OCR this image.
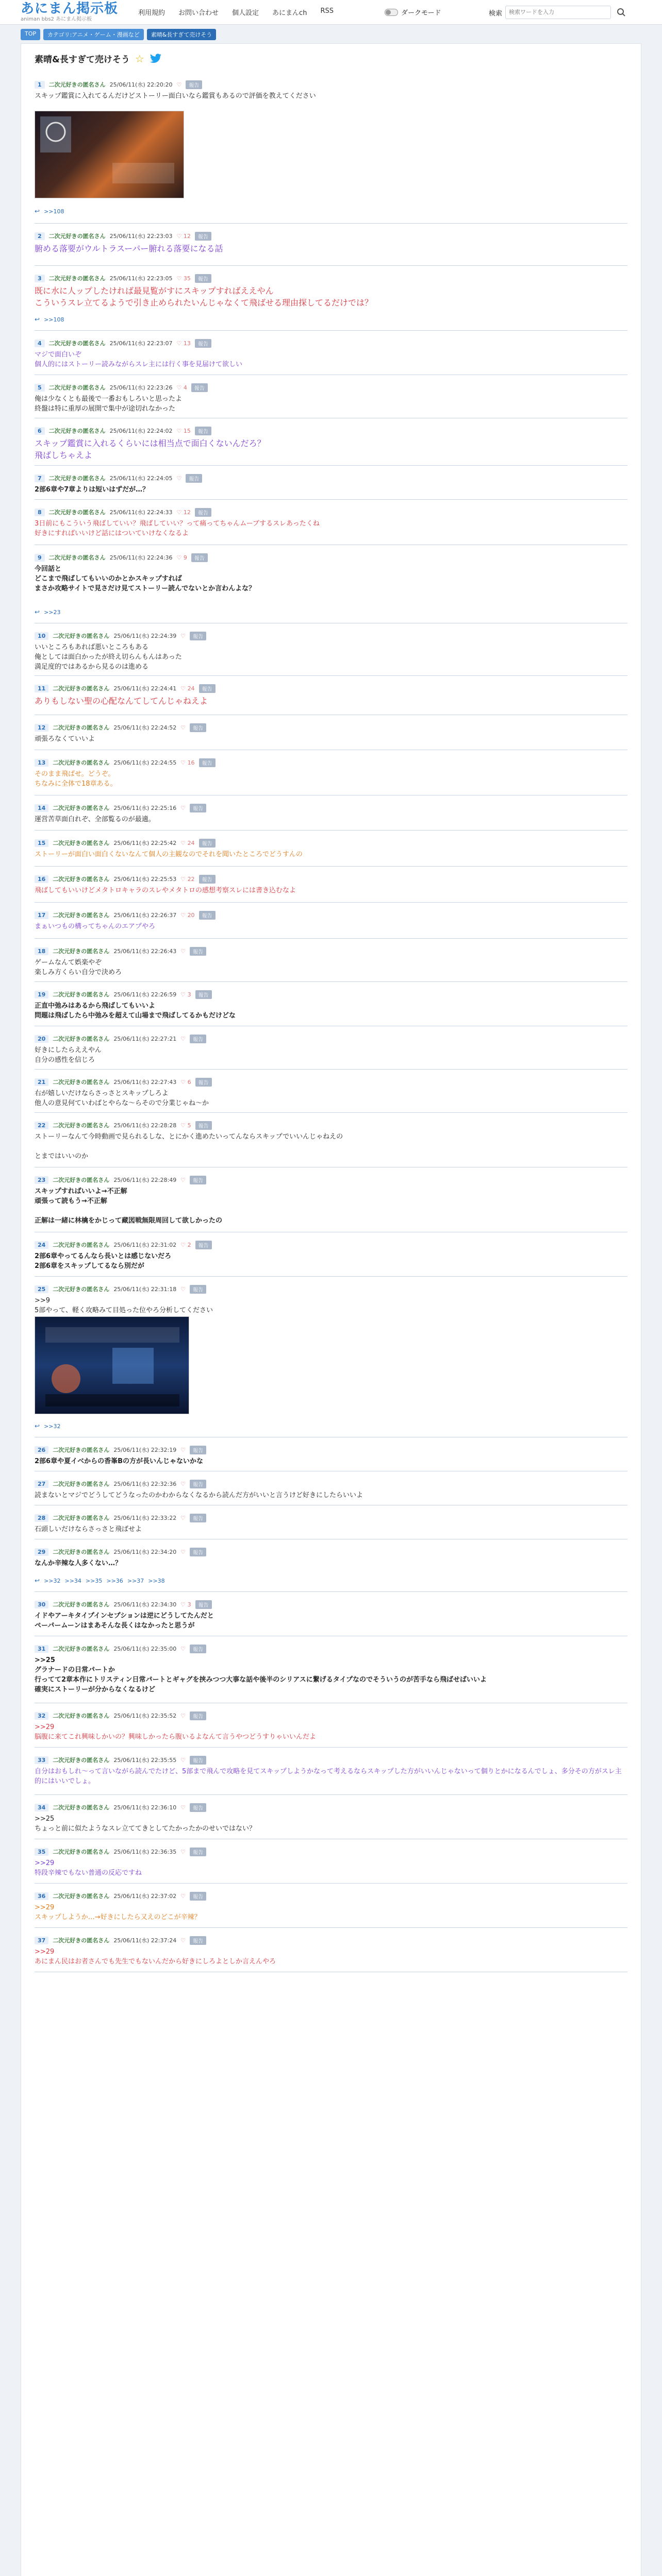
あにまん掲示板
animan bbs2 あにまん掲示板
利用規約 お問い合わせ 個人設定 あにまんch RSS	ダークモード	検索
検索ワードを入力
TOP	カテゴリ:アニメ・ゲーム・漫画など	素晴&長すぎて売けそう
素晴&長すぎて売けそう ☆
1	二次元好きの匿名さん 25/06/11(水) 22:20:20 ♡	報告
スキップ鑑賞に入れてるんだけどストーリー面白いなら鑑賞もあるので評価を教えてください
↩ >>108
2	二次元好きの匿名さん 25/06/11(水) 22:23:03 ♡ 12	報告
腑める落要がウルトラスーパー腑れる落要になる話
3	二次元好きの匿名さん 25/06/11(水) 22:23:05 ♡ 35	報告
既に水に人ップしたければ最見覧がすにスキップすればええやん
こういうスレ立てるようで引き止められたいんじゃなくて飛ばせる理由探してるだけでは？
↩ >>108
4	二次元好きの匿名さん 25/06/11(水) 22:23:07 ♡ 13	報告
マジで面白いぞ
個人的にはストーリー読みながらスレ主には行く事を見届けて欲しい
5	二次元好きの匿名さん 25/06/11(水) 22:23:26 ♡ 4	報告
俺は少なくとも最後で一番おもしろいと思ったよ
終盤は特に重厚の展開で集中が途切れなかった
6	二次元好きの匿名さん 25/06/11(水) 22:24:02 ♡ 15	報告
スキップ鑑賞に入れるくらいには相当点で面白くないんだろ？
飛ばしちゃえよ
7	二次元好きの匿名さん 25/06/11(水) 22:24:05 ♡	報告
2部6章や7章よりは短いはずだが…？
8	二次元好きの匿名さん 25/06/11(水) 22:24:33 ♡ 12	報告
3日前にもこういう飛ばしていい？飛ばしていい？って痛ってちゃんムーブするスレあったくね
好きにすればいいけど話にはついていけなくなるよ
9	二次元好きの匿名さん 25/06/11(水) 22:24:36 ♡ 9	報告
今回話と
どこまで飛ばしてもいいのかとかスキップすれば
まさか攻略サイトで見さだけ見てストーリー読んでないとか言わんよな？
↩ >>23
10	二次元好きの匿名さん 25/06/11(水) 22:24:39 ♡	報告
いいところもあれば悪いところもある
俺としては面白かったが終え切らんもんはあった
満足度的ではあるから見るのは進める
11	二次元好きの匿名さん 25/06/11(水) 22:24:41 ♡ 24	報告
ありもしない聖の心配なんてしてんじゃねえよ
12	二次元好きの匿名さん 25/06/11(水) 22:24:52 ♡	報告
頑張ろなくていいよ
13	二次元好きの匿名さん 25/06/11(水) 22:24:55 ♡ 16	報告
そのまま飛ばせ。どうぞ。
ちなみに全体で18章ある。
14	二次元好きの匿名さん 25/06/11(水) 22:25:16 ♡	報告
運営苦草面白れぞ、全部覧るのが最適。
15	二次元好きの匿名さん 25/06/11(水) 22:25:42 ♡ 24	報告
ストーリーが面白い面白くないなんて個人の主観なのでそれを聞いたところでどうすんの
16	二次元好きの匿名さん 25/06/11(水) 22:25:53 ♡ 22	報告
飛ばしてもいいけどメタトロキャラのスレやメタトロの感想考察スレには書き込むなよ
17	二次元好きの匿名さん 25/06/11(水) 22:26:37 ♡ 20	報告
まぁいつもの構ってちゃんのエアプやろ
18	二次元好きの匿名さん 25/06/11(水) 22:26:43 ♡	報告
ゲームなんて娯楽やぞ
楽しみ方くらい自分で決めろ
19	二次元好きの匿名さん 25/06/11(水) 22:26:59 ♡ 3	報告
正直中弛みはあるから飛ばしてもいいよ
問題は飛ばしたら中弛みを超えて山場まで飛ばしてるかもだけどな
20	二次元好きの匿名さん 25/06/11(水) 22:27:21 ♡	報告
好きにしたらええやん
自分の感性を信じろ
21	二次元好きの匿名さん 25/06/11(水) 22:27:43 ♡ 6	報告
右が嬉しいだけならさっさとスキップしろよ
他人の意見何ていわばとやらな～らそので分業じゃね～か
22	二次元好きの匿名さん 25/06/11(水) 22:28:28 ♡ 5	報告
ストーリーなんて今時動画で見られるしな、とにかく進めたいってんならスキップでいいんじゃねえの

とまではいいのか
23	二次元好きの匿名さん 25/06/11(水) 22:28:49 ♡	報告
スキップすればいいよ→不正解
頑張って読もう→不正解

正解は一緒に林檎をかじって藏図戦無限周回して欲しかったの
24	二次元好きの匿名さん 25/06/11(水) 22:31:02 ♡ 2	報告
2部6章やってるんなら長いとは感じないだろ
2部6章をスキップしてるなら別だが
25	二次元好きの匿名さん 25/06/11(水) 22:31:18 ♡	報告
>>9
5部やって、軽く攻略みて目処った位やろ分析してください
↩ >>32
26	二次元好きの匿名さん 25/06/11(水) 22:32:19 ♡	報告
2部6章や夏イベからの香峯Bの方が長いんじゃないかな
27	二次元好きの匿名さん 25/06/11(水) 22:32:36 ♡	報告
読まないとマジでどうしてどうなったのかわからなくなるから読んだ方がいいと言うけど好きにしたらいいよ
28	二次元好きの匿名さん 25/06/11(水) 22:33:22 ♡	報告
石頭しいだけならさっさと飛ばせよ
29	二次元好きの匿名さん 25/06/11(水) 22:34:20 ♡	報告
なんか辛辣な人多くない…？
↩ >>32 >>34 >>35 >>36 >>37 >>38
30	二次元好きの匿名さん 25/06/11(水) 22:34:30 ♡ 3	報告
イドやアーキタイプインセプションは逆にどうしてたんだと
ペーパームーンはまあそんな長くはなかったと思うが
31	二次元好きの匿名さん 25/06/11(水) 22:35:00 ♡	報告
>>25
グラナードの日常パートか
行ってて2章本作にトリスティン日常パートとギャグを挟みつつ大事な話や後半のシリアスに繋げるタイプなのでそういうのが苦手なら飛ばせばいいよ
確実にストーリーが分からなくなるけど
32	二次元好きの匿名さん 25/06/11(水) 22:35:52 ♡	報告
>>29
脳腹に来てこれ興味しかいの？興味しかったら腹いるよなんて言うやつどうすりゃいいんだよ
33	二次元好きの匿名さん 25/06/11(水) 22:35:55 ♡	報告
自分はおもしれ～って言いながら読んでたけど、5部まで飛んで攻略を見てスキップしようかなって考えるならスキップした方がいいんじゃないって個りとかになるんでしょ、多分その方がスレ主的にはいいでしょ。
34	二次元好きの匿名さん 25/06/11(水) 22:36:10 ♡	報告
>>25
ちょっと前に似たようなスレ立ててきとしてたかったかのせいではない？
35	二次元好きの匿名さん 25/06/11(水) 22:36:35 ♡	報告
>>29
特段辛辣でもない普通の反応ですね
36	二次元好きの匿名さん 25/06/11(水) 22:37:02 ♡	報告
>>29
スキップしようか…→好きにしたら又えのどこが辛辣？
37	二次元好きの匿名さん 25/06/11(水) 22:37:24 ♡	報告
>>29
あにまん民はお者さんでも先生でもないんだから好きにしろよとしか言えんやろ
